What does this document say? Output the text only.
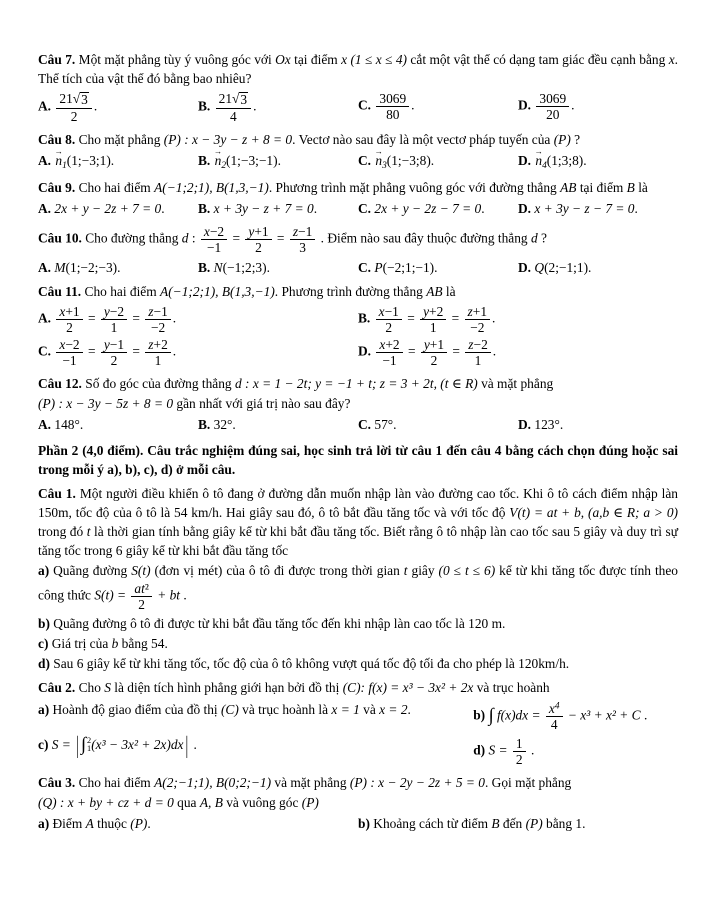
Câu 7. Một mặt phẳng tùy ý vuông góc với Ox tại điểm x (1 ≤ x ≤ 4) cắt một vật thể có dạng tam giác đều cạnh bằng x. Thể tích của vật thể đó bằng bao nhiêu?
A. $\frac{21 √ 3}{2}$ .	B. $\frac{21 √ 3}{4}$ .	C. $\frac{3069}{80}$ .	D. $\frac{3069}{20}$ .
Câu 8. Cho mặt phẳng (P) : x − 3y − z + 8 = 0. Vectơ nào sau đây là một vectơ pháp tuyến của (P) ?
A.
→
$n_1(1;-3;1)$.	B.
→
$n_2(1;-3;-1)$.	C.
→
$n_3(1;-3;8)$.	D.
→
$n_4(1;3;8)$.
Câu 9. Cho hai điểm A(−1;2;1), B(1,3,−1). Phương trình mặt phẳng vuông góc với đường thẳng AB tại điểm B là
A. 2x + y − 2z + 7 = 0.	B. x + 3y − z + 7 = 0.	C. 2x + y − 2z − 7 = 0.	D. x + 3y − z − 7 = 0.
Câu 10. Cho đường thẳng d : $\frac{x-2}{-1} = \frac{y+1}{2} = \frac{z-1}{3}$ . Điểm nào sau đây thuộc đường thẳng d ?
A. M(1;−2;−3).	B. N(−1;2;3).	C. P(−2;1;−1).	D. Q(2;−1;1).
Câu 11. Cho hai điểm A(−1;2;1), B(1,3,−1). Phương trình đường thẳng AB là
A. $\frac{x+1}{2} = \frac{y-2}{1} = \frac{z-1}{-2}$ .	B. $\frac{x-1}{2} = \frac{y+2}{1} = \frac{z+1}{-2}$ .
C. $\frac{x-2}{-1} = \frac{y-1}{2} = \frac{z+2}{1}$ .	D. $\frac{x+2}{-1} = \frac{y+1}{2} = \frac{z-2}{1}$ .
Câu 12. Số đo góc của đường thẳng d : x = 1 − 2t; y = −1 + t; z = 3 + 2t, (t ∈ R) và mặt phẳng
(P) : x − 3y − 5z + 8 = 0 gần nhất với giá trị nào sau đây?
A. 148°.	B. 32°.	C. 57°.	D. 123°.
Phần 2 (4,0 điểm). Câu trắc nghiệm đúng sai, học sinh trả lời từ câu 1 đến câu 4 bằng cách chọn đúng hoặc sai trong mỗi ý a), b), c), d) ở mỗi câu.
Câu 1. Một người điều khiển ô tô đang ở đường dẫn muốn nhập làn vào đường cao tốc. Khi ô tô cách điểm nhập làn 150m, tốc độ của ô tô là 54 km/h. Hai giây sau đó, ô tô bắt đầu tăng tốc và với tốc độ V(t) = at + b, (a,b ∈ R; a > 0) trong đó t là thời gian tính bằng giây kể từ khi bắt đầu tăng tốc. Biết rằng ô tô nhập làn cao tốc sau 5 giây và duy trì sự tăng tốc trong 6 giây kể từ khi bắt đầu tăng tốc
a) Quãng đường S(t) (đơn vị mét) của ô tô đi được trong thời gian t giây (0 ≤ t ≤ 6) kể từ khi tăng tốc được tính theo công thức $S(t) = \frac{\text{at²}}{2}$ + bt .
b) Quãng đường ô tô đi được từ khi bắt đầu tăng tốc đến khi nhập làn cao tốc là 120 m.
c) Giá trị của b bằng 54.
d) Sau 6 giây kể từ khi tăng tốc, tốc độ của ô tô không vượt quá tốc độ tối đa cho phép là 120km/h.
Câu 2. Cho S là diện tích hình phẳng giới hạn bởi đồ thị (C): f(x) = x³ − 3x² + 2x và trục hoành
a) Hoành độ giao điểm của đồ thị (C) và trục hoành là x = 1 và x = 2.	b) ∫ $f(x)dx = \frac{x^4}{4} - x^3 + x^2 + C$ .
c) S = | ∫ 2
1 (x³ − 3x² + 2x)dx | .	d) $S = \frac{1}{2}$ .
Câu 3. Cho hai điểm A(2;−1;1), B(0;2;−1) và mặt phẳng (P) : x − 2y − 2z + 5 = 0. Gọi mặt phẳng
(Q) : x + by + cz + d = 0 qua A, B và vuông góc (P)
a) Điểm A thuộc (P).	b) Khoảng cách từ điểm B đến (P) bằng 1.
